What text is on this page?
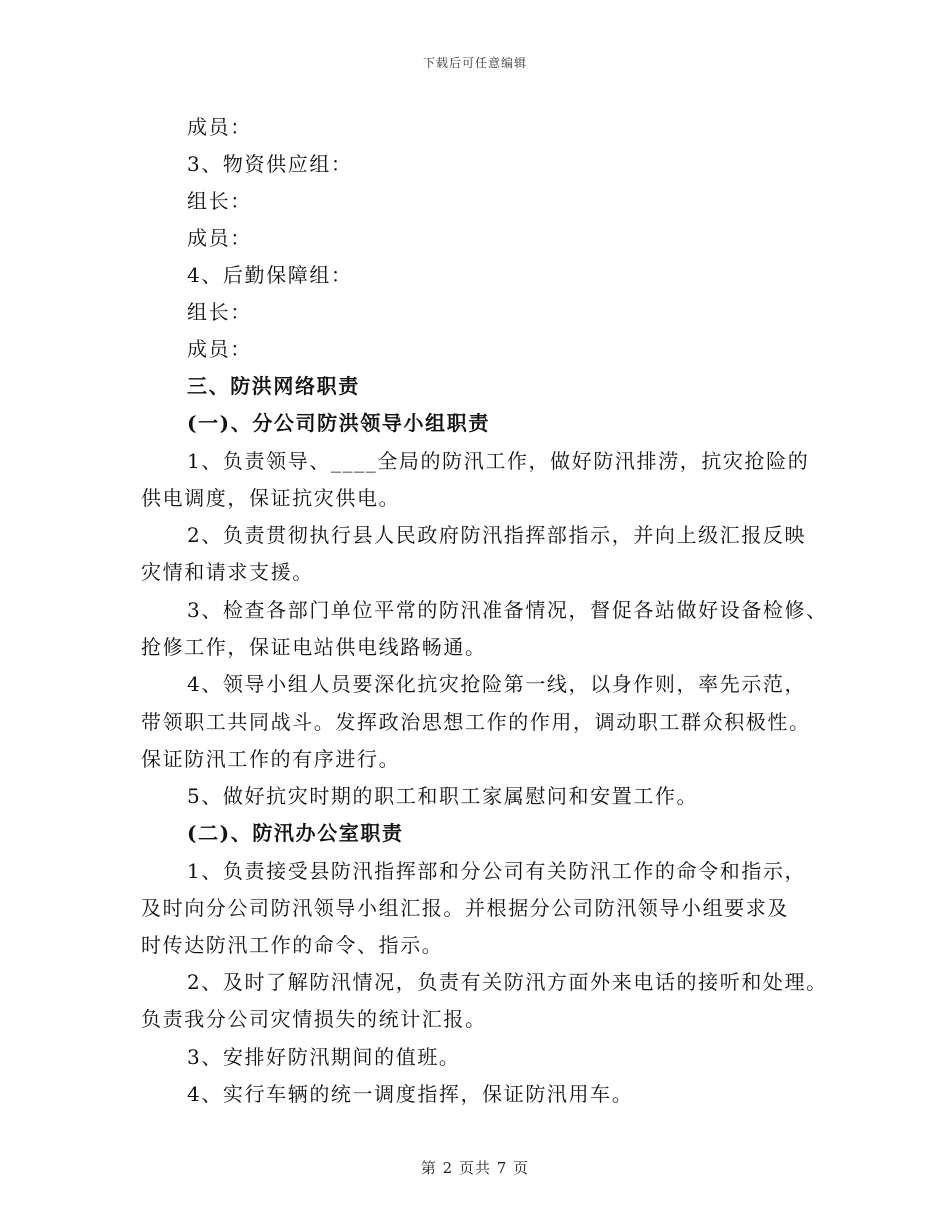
下载后可任意编辑
成员：
3、物资供应组：
组长：
成员：
4、后勤保障组：
组长：
成员：
三、防洪网络职责
(一)、分公司防洪领导小组职责
1、负责领导、____全局的防汛工作，做好防汛排涝，抗灾抢险的
供电调度，保证抗灾供电。
2、负责贯彻执行县人民政府防汛指挥部指示，并向上级汇报反映
灾情和请求支援。
3、检查各部门单位平常的防汛准备情况，督促各站做好设备检修、
抢修工作，保证电站供电线路畅通。
4、领导小组人员要深化抗灾抢险第一线，以身作则，率先示范，
带领职工共同战斗。发挥政治思想工作的作用，调动职工群众积极性。
保证防汛工作的有序进行。
5、做好抗灾时期的职工和职工家属慰问和安置工作。
(二)、防汛办公室职责
1、负责接受县防汛指挥部和分公司有关防汛工作的命令和指示，
及时向分公司防汛领导小组汇报。并根据分公司防汛领导小组要求及
时传达防汛工作的命令、指示。
2、及时了解防汛情况，负责有关防汛方面外来电话的接听和处理。
负责我分公司灾情损失的统计汇报。
3、安排好防汛期间的值班。
4、实行车辆的统一调度指挥，保证防汛用车。
第 2 页共 7 页
